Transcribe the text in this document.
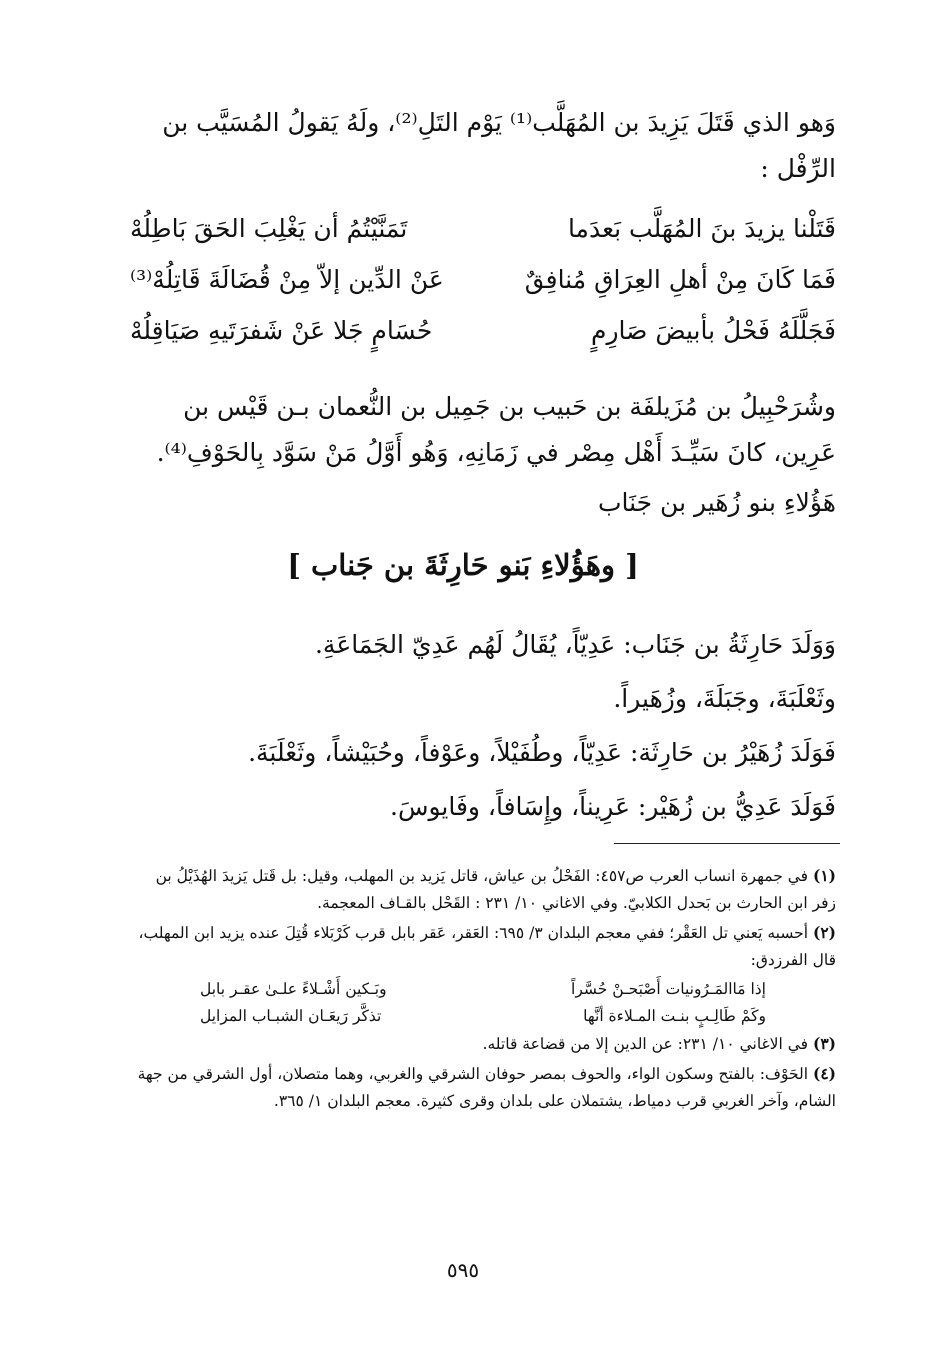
وَهو الذي قَتَلَ يَزِيدَ بن المُهَلَّب⁽¹⁾ يَوْم التَلِ⁽²⁾، ولَهُ يَقولُ المُسَيَّب بن الرِّفْل :
قَتَلْنا يزيدَ بنَ المُهَلَّب بَعدَما
تَمَنَّيْتُمُ أن يَغْلِبَ الحَقَ بَاطِلُهْ
فَمَا كَانَ مِنْ أهلِ العِرَاقِ مُنافِقٌ
عَنْ الدِّين إلاّ مِنْ قُضَالَةَ قَاتِلُهْ⁽³⁾
فَجَلَّلَهُ فَحْلُ بأبيضَ صَارِمٍ
حُسَامٍ جَلا عَنْ شَفرَتَيهِ صَيَاقِلُهْ
وشُرَحْبِيلُ بن مُزَيلفَة بن حَبيب بن جَمِيل بن النُّعمان بـن قَيْس بن عَرِين، كانَ سَيِّـدَ أَهْل مِصْر في زَمَانِهِ، وَهُو أَوَّلُ مَنْ سَوَّد بِالحَوْفِ⁽⁴⁾.
هَؤُلاءِ بنو زُهَير بن جَنَاب
[ وهَؤُلاءِ بَنو حَارِثَةَ بن جَناب ]
وَوَلَدَ حَارِثَةُ بن جَنَاب: عَدِيّاً، يُقَالُ لَهُم عَدِيّ الجَمَاعَةِ.
وثَعْلَبَةَ، وجَبَلَةَ، وزُهَيراً.
فَوَلَدَ زُهَيْرُ بن حَارِثَة: عَدِيّاً، وطُفَيْلاً، وعَوْفاً، وحُبَيْشاً، وثَعْلَبَةَ.
فَوَلَدَ عَدِيُّ بن زُهَيْر: عَرِيناً، وإِسَافاً، وفَايوسَ.
(١) في جمهرة انساب العرب ص٤٥٧: الفَحْلُ بن عياش، قاتل يَزيد بن المهلب، وقيل: بل قَتل يَزيدَ الهُذَيْلُ بن زفر ابن الحارث بن بَحدل الكلابيّ. وفي الاغاني ١٠/ ٢٣١ : القَحْل بالقـاف المعجمة.
(٢) أحسبه يَعني تل العَقْر؛ ففي معجم البلدان ٣/ ٦٩٥: العَقر، عَقر بابل قرب كَرْبَلاء قُتِلَ عنده يزيد ابن المهلب، قال الفرزدق:
إذا مَاالمَـرُونيات أَصْبَحـنْ حُسَّراً
وبَـكين أَشْـلاءً علـىٰ عقـر بابل
وكَمْ طَالِـبٍ بنـت المـلاءة أنَّها
تذكَّر رَيعَـان الشبـاب المزايل
(٣) في الاغاني ١٠/ ٢٣١: عن الدين إلا من قضاعة قاتله.
(٤) الحَوْف: بالفتح وسكون الواء، والحوف بمصر حوفان الشرقي والغربي، وهما متصلان، أول الشرقي من جهة الشام، وآخر الغربي قرب دمياط، يشتملان على بلدان وقرى كثيرة. معجم البلدان ١/ ٣٦٥.
٥٩٥
